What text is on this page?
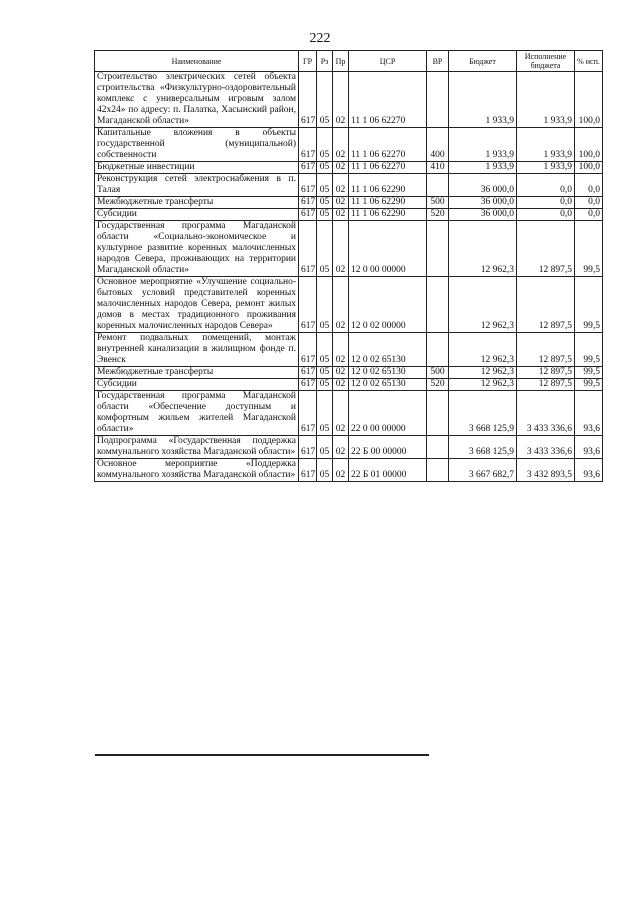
222
Наименование	ГР	Рз	Пр	ЦСР	ВР	Бюджет	Исполнение бюджета	% исп.
Строительство электрических сетей объекта строительства «Физкультурно-оздоровительный комплекс с универсальным игровым залом 42х24» по адресу: п. Палатка, Хасынский район, Магаданской области»	617	05	02	11 1 06 62270		1 933,9	1 933,9	100,0
Капитальные вложения в объекты государственной (муниципальной) собственности	617	05	02	11 1 06 62270	400	1 933,9	1 933,9	100,0
Бюджетные инвестиции	617	05	02	11 1 06 62270	410	1 933,9	1 933,9	100,0
Реконструкция сетей электроснабжения в п. Талая	617	05	02	11 1 06 62290		36 000,0	0,0	0,0
Межбюджетные трансферты	617	05	02	11 1 06 62290	500	36 000,0	0,0	0,0
Субсидии	617	05	02	11 1 06 62290	520	36 000,0	0,0	0,0
Государственная программа Магаданской области «Социально-экономическое и культурное развитие коренных малочисленных народов Севера, проживающих на территории Магаданской области»	617	05	02	12 0 00 00000		12 962,3	12 897,5	99,5
Основное мероприятие «Улучшение социально-бытовых условий представителей коренных малочисленных народов Севера, ремонт жилых домов в местах традиционного проживания коренных малочисленных народов Севера»	617	05	02	12 0 02 00000		12 962,3	12 897,5	99,5
Ремонт подвальных помещений, монтаж внутренней канализации в жилищном фонде п. Эвенск	617	05	02	12 0 02 65130		12 962,3	12 897,5	99,5
Межбюджетные трансферты	617	05	02	12 0 02 65130	500	12 962,3	12 897,5	99,5
Субсидии	617	05	02	12 0 02 65130	520	12 962,3	12 897,5	99,5
Государственная программа Магаданской области «Обеспечение доступным и комфортным жильем жителей Магаданской области»	617	05	02	22 0 00 00000		3 668 125,9	3 433 336,6	93,6
Подпрограмма «Государственная поддержка коммунального хозяйства Магаданской области»	617	05	02	22 Б 00 00000		3 668 125,9	3 433 336,6	93,6
Основное мероприятие «Поддержка коммунального хозяйства Магаданской области»	617	05	02	22 Б 01 00000		3 667 682,7	3 432 893,5	93,6
